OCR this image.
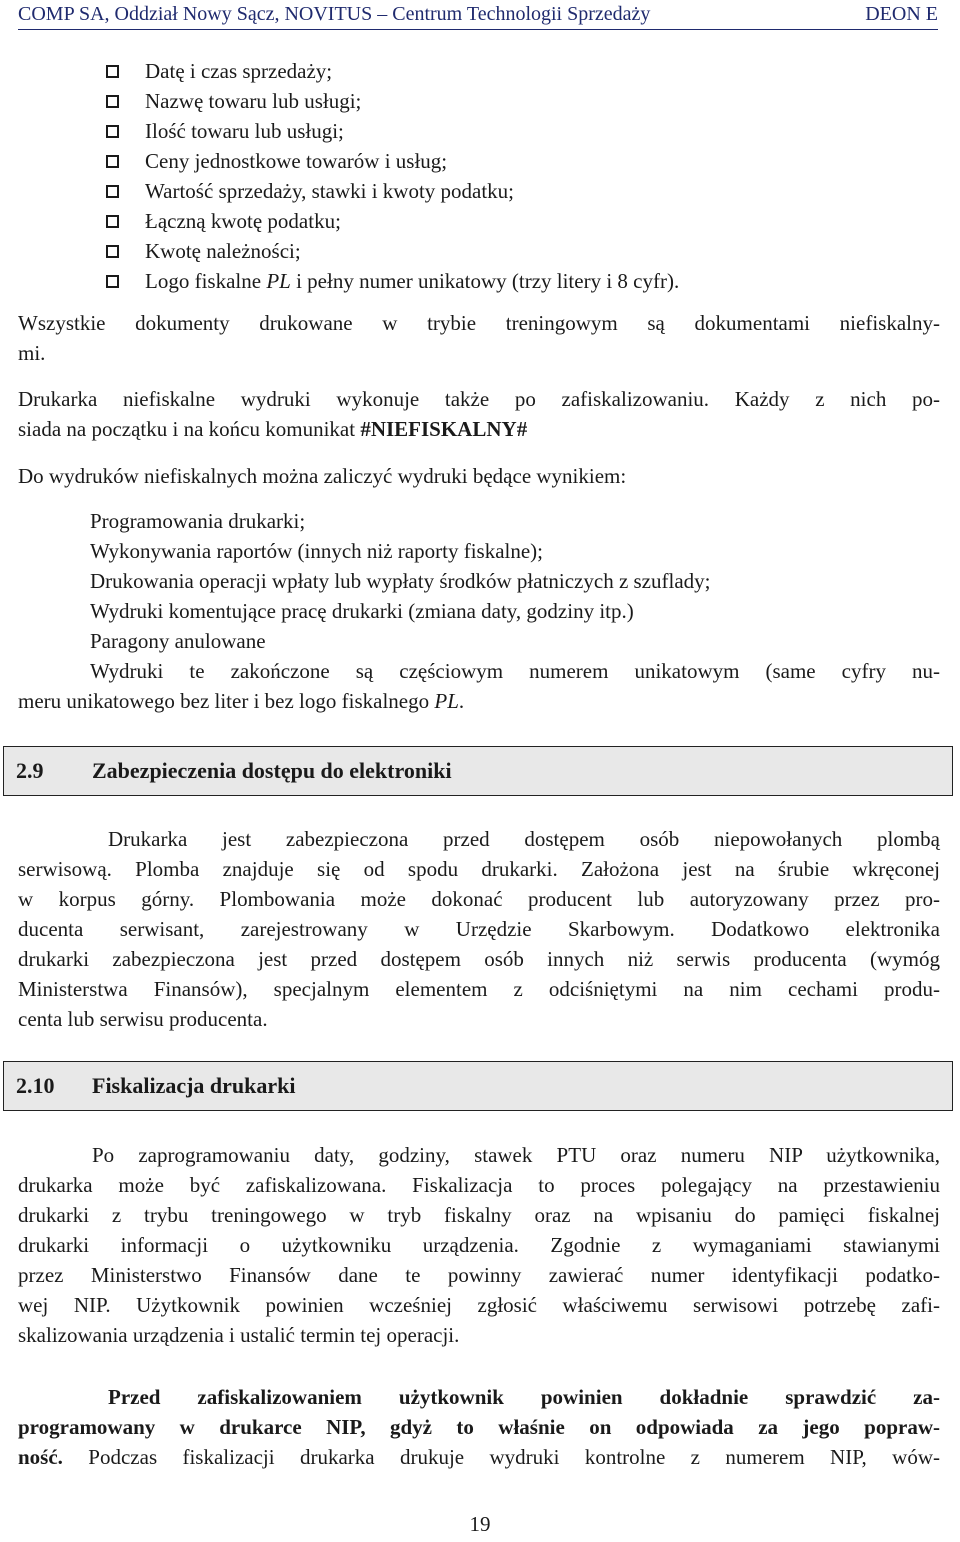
COMP SA, Oddział Nowy Sącz, NOVITUS – Centrum Technologii Sprzedaży	DEON E
Datę i czas sprzedaży;
Nazwę towaru lub usługi;
Ilość towaru lub usługi;
Ceny jednostkowe towarów i usług;
Wartość sprzedaży, stawki i kwoty podatku;
Łączną kwotę podatku;
Kwotę należności;
Logo fiskalne PL i pełny numer unikatowy (trzy litery i 8 cyfr).
Wszystkie dokumenty drukowane w trybie treningowym są dokumentami niefiskalny-
mi.
Drukarka niefiskalne wydruki wykonuje także po zafiskalizowaniu. Każdy z nich po-
siada na początku i na końcu komunikat #NIEFISKALNY#
Do wydruków niefiskalnych można zaliczyć wydruki będące wynikiem:
Programowania drukarki;
Wykonywania raportów (innych niż raporty fiskalne);
Drukowania operacji wpłaty lub wypłaty środków płatniczych z szuflady;
Wydruki komentujące pracę drukarki (zmiana daty, godziny itp.)
Paragony anulowane
Wydruki te zakończone są częściowym numerem unikatowym (same cyfry nu-
meru unikatowego bez liter i bez logo fiskalnego PL.
2.9 Zabezpieczenia dostępu do elektroniki
Drukarka jest zabezpieczona przed dostępem osób niepowołanych plombą
serwisową. Plomba znajduje się od spodu drukarki. Założona jest na śrubie wkręconej
w korpus górny. Plombowania może dokonać producent lub autoryzowany przez pro-
ducenta serwisant, zarejestrowany w Urzędzie Skarbowym. Dodatkowo elektronika
drukarki zabezpieczona jest przed dostępem osób innych niż serwis producenta (wymóg
Ministerstwa Finansów), specjalnym elementem z odciśniętymi na nim cechami produ-
centa lub serwisu producenta.
2.10 Fiskalizacja drukarki
Po zaprogramowaniu daty, godziny, stawek PTU oraz numeru NIP użytkownika,
drukarka może być zafiskalizowana. Fiskalizacja to proces polegający na przestawieniu
drukarki z trybu treningowego w tryb fiskalny oraz na wpisaniu do pamięci fiskalnej
drukarki informacji o użytkowniku urządzenia. Zgodnie z wymaganiami stawianymi
przez Ministerstwo Finansów dane te powinny zawierać numer identyfikacji podatko-
wej NIP. Użytkownik powinien wcześniej zgłosić właściwemu serwisowi potrzebę zafi-
skalizowania urządzenia i ustalić termin tej operacji.
Przed zafiskalizowaniem użytkownik powinien dokładnie sprawdzić za-
programowany w drukarce NIP, gdyż to właśnie on odpowiada za jego popraw-
ność. Podczas fiskalizacji drukarka drukuje wydruki kontrolne z numerem NIP, wów-
19
